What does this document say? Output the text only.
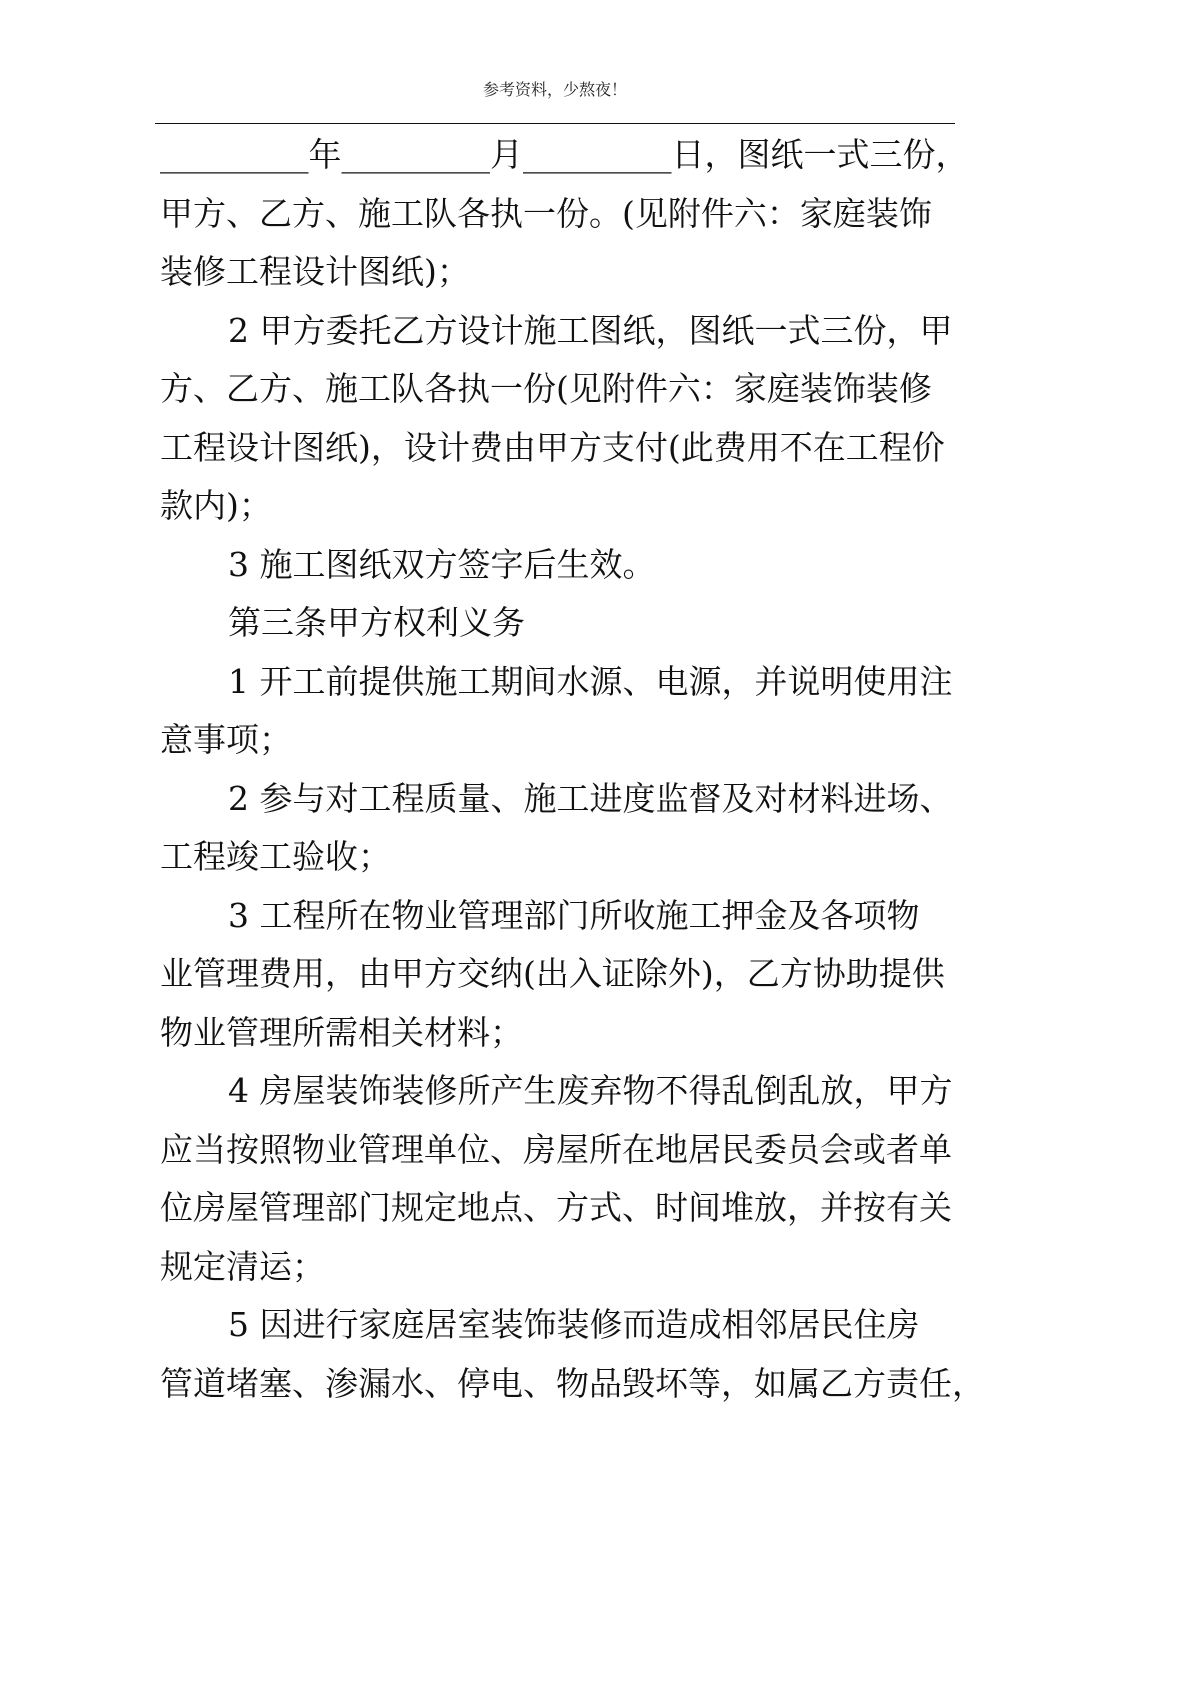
参考资料，少熬夜！
_________年_________月_________日，图纸一式三份，
甲方、乙方、施工队各执一份。(见附件六：家庭装饰
装修工程设计图纸)；
2 甲方委托乙方设计施工图纸，图纸一式三份，甲
方、乙方、施工队各执一份(见附件六：家庭装饰装修
工程设计图纸)，设计费由甲方支付(此费用不在工程价
款内)；
3 施工图纸双方签字后生效。
第三条甲方权利义务
1 开工前提供施工期间水源、电源，并说明使用注
意事项；
2 参与对工程质量、施工进度监督及对材料进场、
工程竣工验收；
3 工程所在物业管理部门所收施工押金及各项物
业管理费用，由甲方交纳(出入证除外)，乙方协助提供
物业管理所需相关材料；
4 房屋装饰装修所产生废弃物不得乱倒乱放，甲方
应当按照物业管理单位、房屋所在地居民委员会或者单
位房屋管理部门规定地点、方式、时间堆放，并按有关
规定清运；
5 因进行家庭居室装饰装修而造成相邻居民住房
管道堵塞、渗漏水、停电、物品毁坏等，如属乙方责任，
